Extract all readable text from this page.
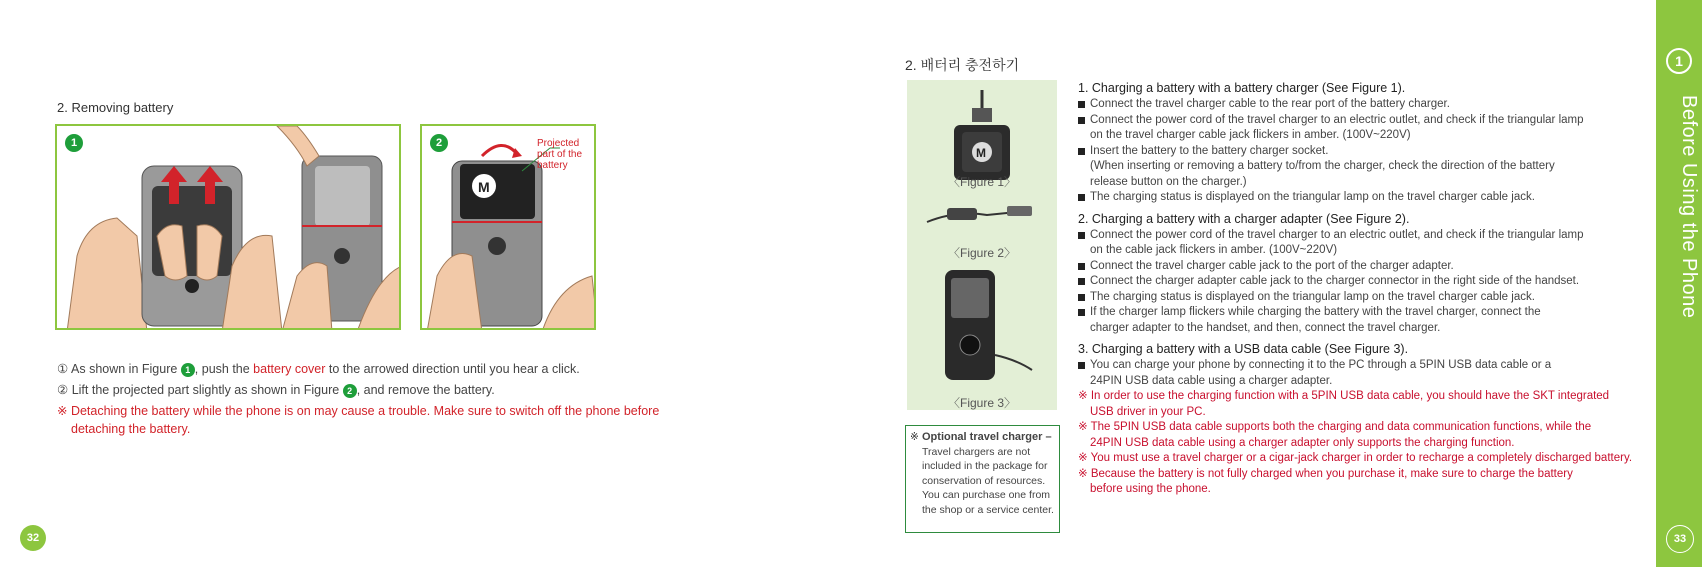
2. Removing battery
1
M
2	Projected
part of the
battery
① As shown in Figure 1 , push the battery cover to the arrowed direction until you hear a click.
② Lift the projected part slightly as shown in Figure 2 , and remove the battery.
※ Detaching the battery while the phone is on may cause a trouble. Make sure to switch off the phone before
detaching the battery.
32
2. 배터리 충전하기
M
〈Figure 1〉
〈Figure 2〉
〈Figure 3〉
※ Optional travel charger –
Travel chargers are not
included in the package for
conservation of resources.
You can purchase one from
the shop or a service center.
1. Charging a battery with a battery charger (See Figure 1).
Connect the travel charger cable to the rear port of the battery charger.
Connect the power cord of the travel charger to an electric outlet, and check if the triangular lamp
on the travel charger cable jack flickers in amber. (100V~220V)
Insert the battery to the battery charger socket.
(When inserting or removing a battery to/from the charger, check the direction of the battery
release button on the charger.)
The charging status is displayed on the triangular lamp on the travel charger cable jack.
2. Charging a battery with a charger adapter (See Figure 2).
Connect the power cord of the travel charger to an electric outlet, and check if the triangular lamp
on the cable jack flickers in amber. (100V~220V)
Connect the travel charger cable jack to the port of the charger adapter.
Connect the charger adapter cable jack to the charger connector in the right side of the handset.
The charging status is displayed on the triangular lamp on the travel charger cable jack.
If the charger lamp flickers while charging the battery with the travel charger, connect the
charger adapter to the handset, and then, connect the travel charger.
3. Charging a battery with a USB data cable (See Figure 3).
You can charge your phone by connecting it to the PC through a 5PIN USB data cable or a
24PIN USB data cable using a charger adapter.
※ In order to use the charging function with a 5PIN USB data cable, you should have the SKT integrated
USB driver in your PC.
※ The 5PIN USB data cable supports both the charging and data communication functions, while the
24PIN USB data cable using a charger adapter only supports the charging function.
※ You must use a travel charger or a cigar-jack charger in order to recharge a completely discharged battery.
※ Because the battery is not fully charged when you purchase it, make sure to charge the battery
before using the phone.
1
Before Using the Phone
33
